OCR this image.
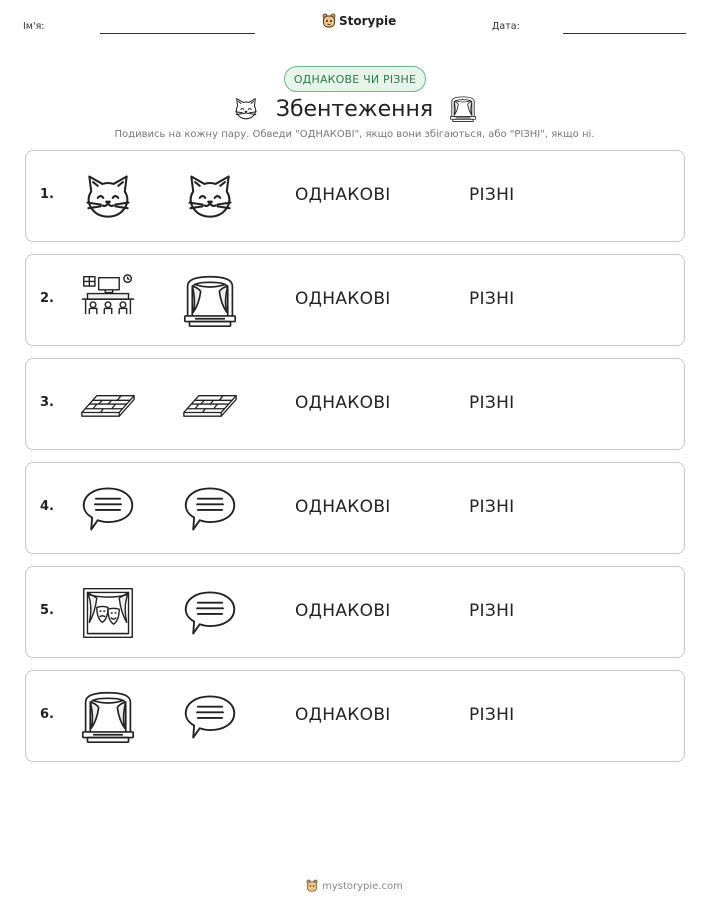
Ім'я:	Storypie	Дата:
ОДНАКОВЕ ЧИ РІЗНЕ
Збентеження
Подивись на кожну пару. Обведи "ОДНАКОВІ", якщо вони збігаються, або "РІЗНІ", якщо ні.
1.	ОДНАКОВІ	РІЗНІ
2.	ОДНАКОВІ	РІЗНІ
3.	ОДНАКОВІ	РІЗНІ
4.	ОДНАКОВІ	РІЗНІ
5.	ОДНАКОВІ	РІЗНІ
6.	ОДНАКОВІ	РІЗНІ
mystorypie.com
